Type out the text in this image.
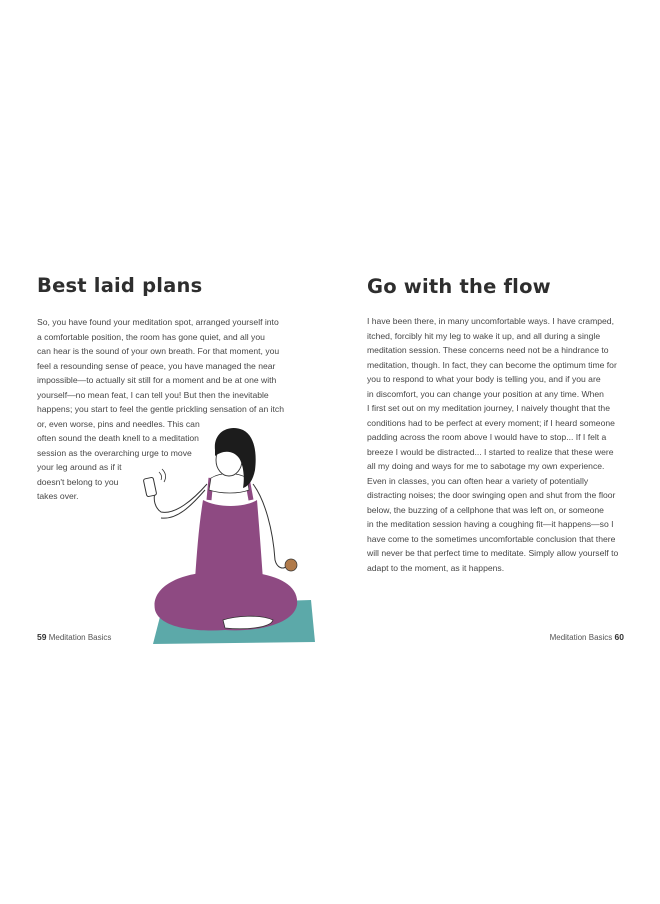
Best laid plans

So, you have found your meditation spot, arranged yourself into
a comfortable position, the room has gone quiet, and all you
can hear is the sound of your own breath. For that moment, you
feel a resounding sense of peace, you have managed the near
impossible—to actually sit still for a moment and be at one with
yourself—no mean feat, I can tell you! But then the inevitable
happens; you start to feel the gentle prickling sensation of an itch
or, even worse, pins and needles. This can
often sound the death knell to a meditation
session as the overarching urge to move
your leg around as if it
doesn't belong to you
takes over.

59 Meditation Basics
Go with the flow

I have been there, in many uncomfortable ways. I have cramped,
itched, forcibly hit my leg to wake it up, and all during a single
meditation session. These concerns need not be a hindrance to
meditation, though. In fact, they can become the optimum time for
you to respond to what your body is telling you, and if you are
in discomfort, you can change your position at any time. When
I first set out on my meditation journey, I naively thought that the
conditions had to be perfect at every moment; if I heard someone
padding across the room above I would have to stop... If I felt a
breeze I would be distracted... I started to realize that these were
all my doing and ways for me to sabotage my own experience.
Even in classes, you can often hear a variety of potentially
distracting noises; the door swinging open and shut from the floor
below, the buzzing of a cellphone that was left on, or someone
in the meditation session having a coughing fit—it happens—so I
have come to the sometimes uncomfortable conclusion that there
will never be that perfect time to meditate. Simply allow yourself to
adapt to the moment, as it happens.

Meditation Basics 60
